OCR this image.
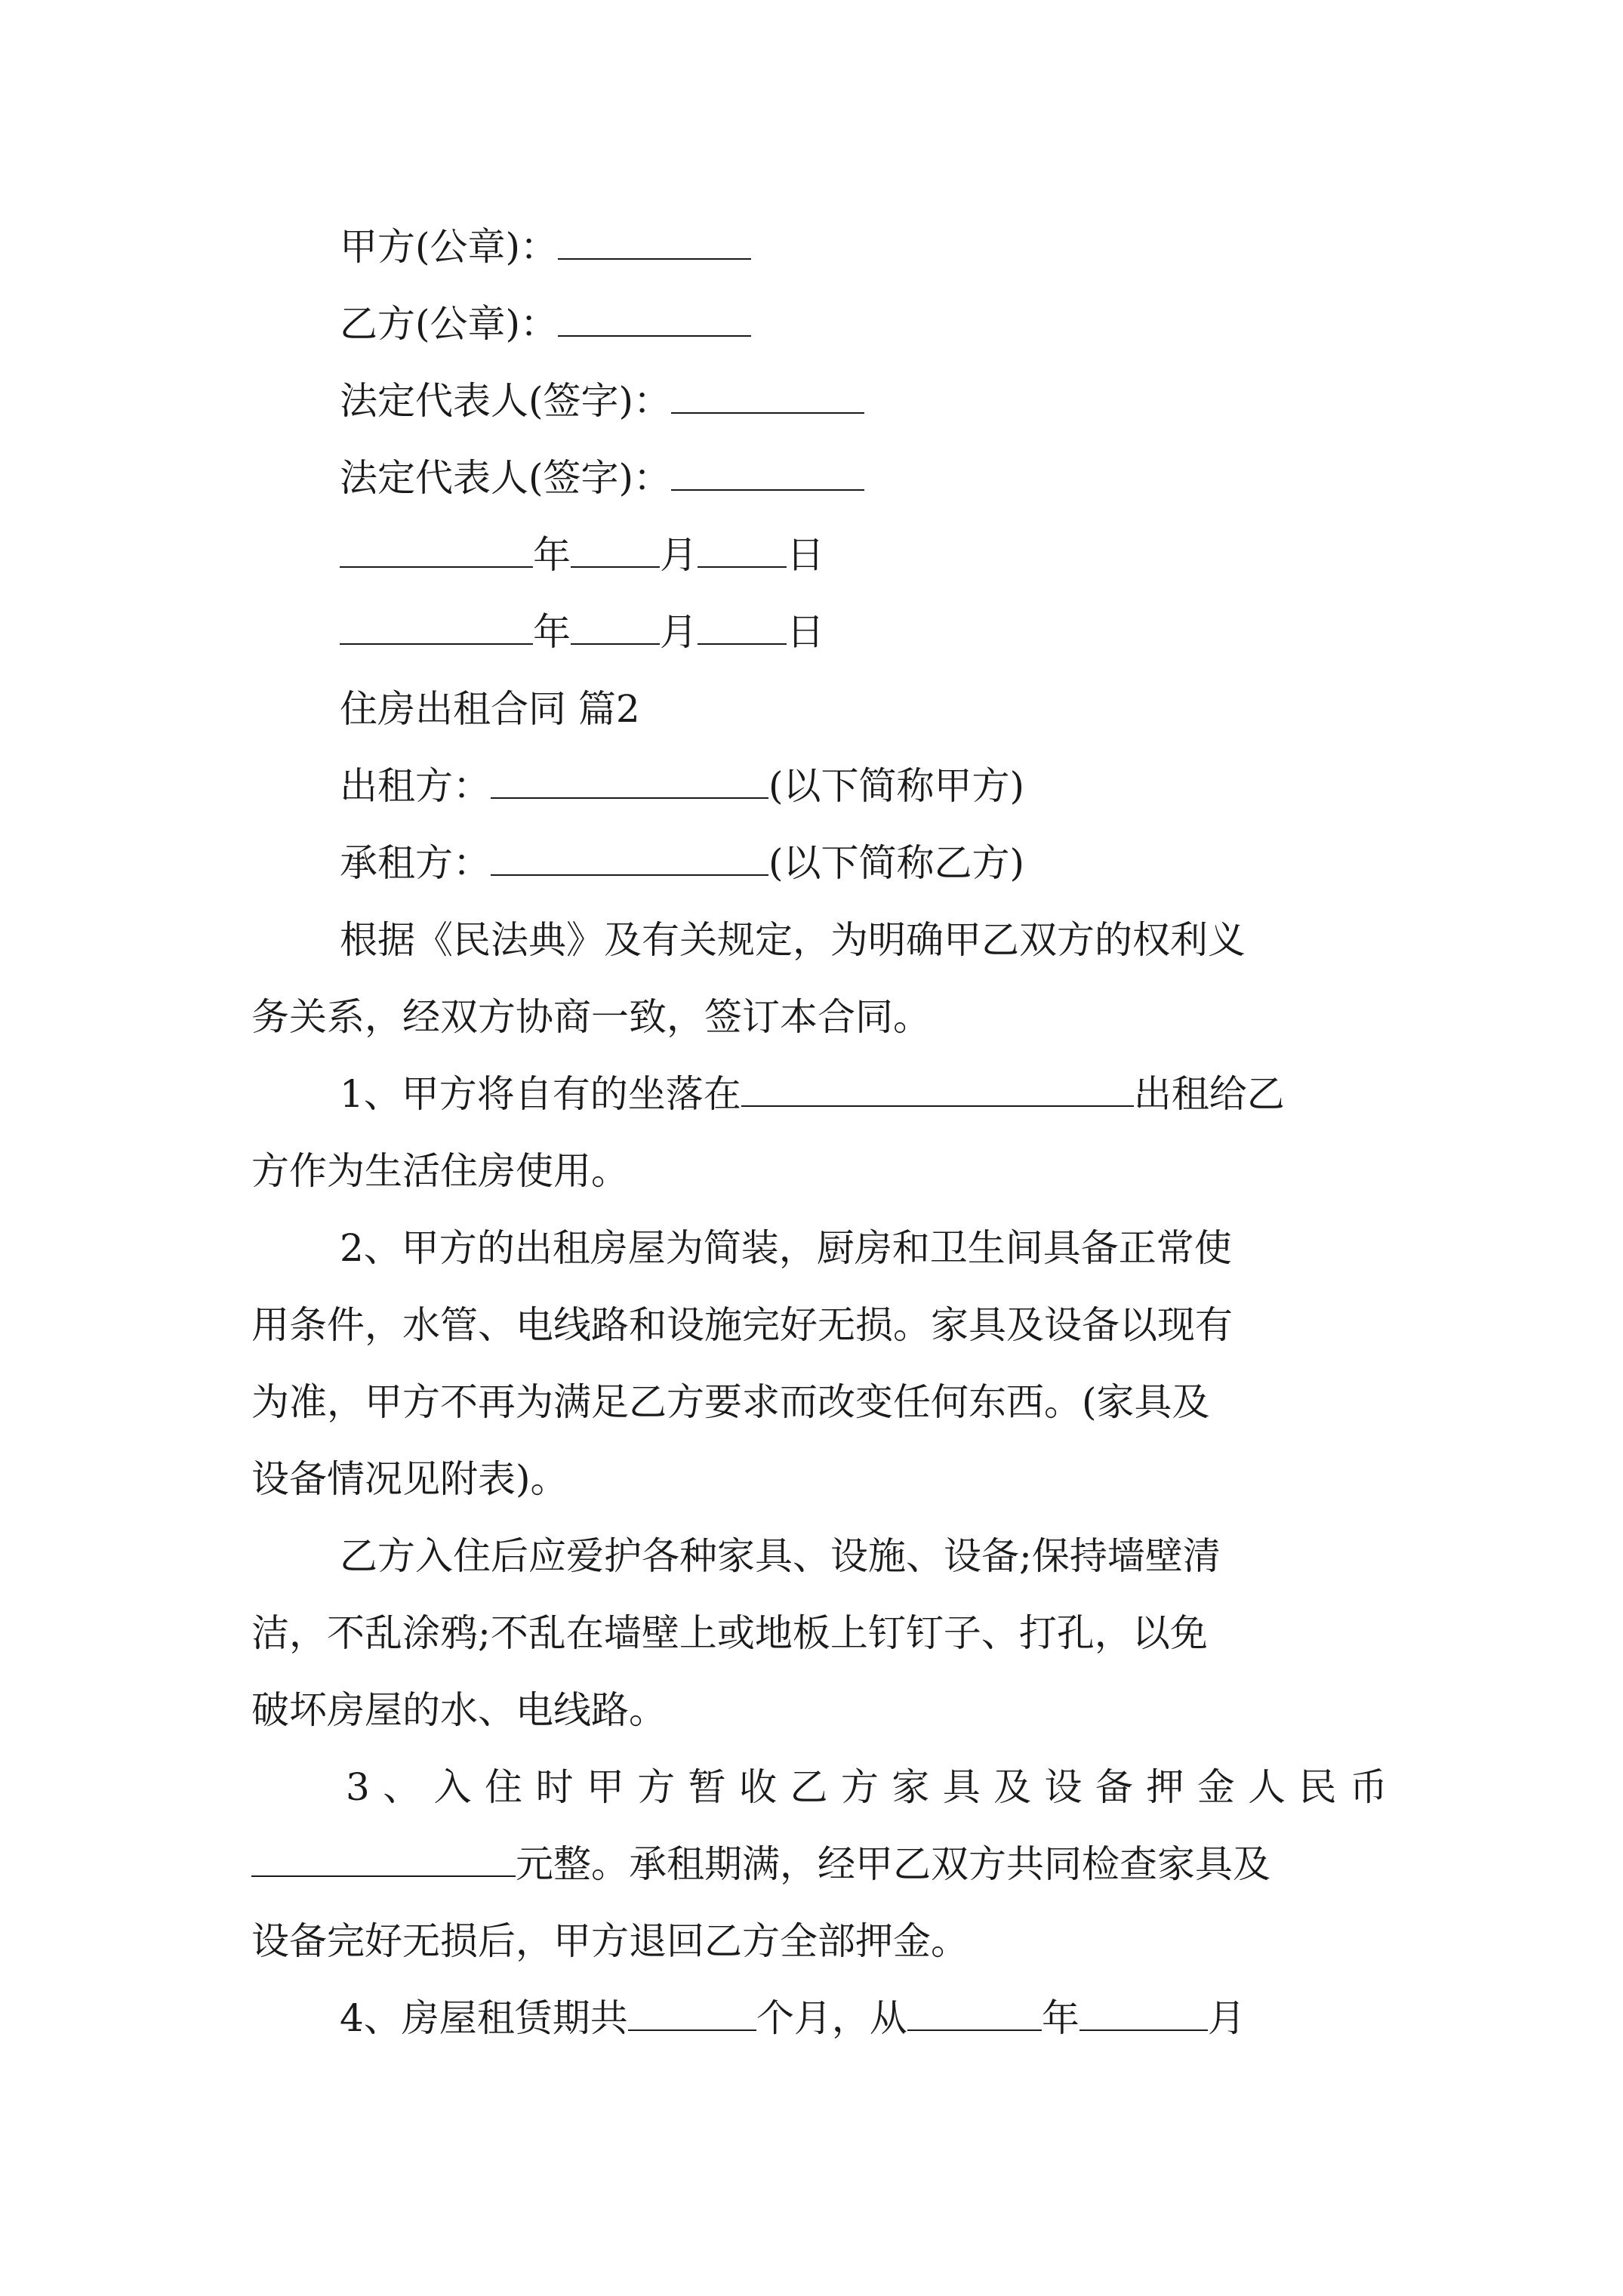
甲方(公章)：
乙方(公章)：
法定代表人(签字)：
法定代表人(签字)：
年 月 日
年 月 日
住房出租合同 篇2
出租方：	(以下简称甲方)
承租方：	(以下简称乙方)
根据《民法典》及有关规定，为明确甲乙双方的权利义
务关系，经双方协商一致，签订本合同。
1、甲方将自有的坐落在	出租给乙
方作为生活住房使用。
2、甲方的出租房屋为简装，厨房和卫生间具备正常使
用条件，水管、电线路和设施完好无损。家具及设备以现有
为准，甲方不再为满足乙方要求而改变任何东西。(家具及
设备情况见附表)。
乙方入住后应爱护各种家具、设施、设备;保持墙壁清
洁，不乱涂鸦;不乱在墙壁上或地板上钉钉子、打孔，以免
破坏房屋的水、电线路。
3 、 入 住 时 甲 方 暂 收 乙 方 家 具 及 设 备 押 金 人 民 币
元整。承租期满，经甲乙双方共同检查家具及
设备完好无损后，甲方退回乙方全部押金。
4、房屋租赁期共	个月，从	年	月
